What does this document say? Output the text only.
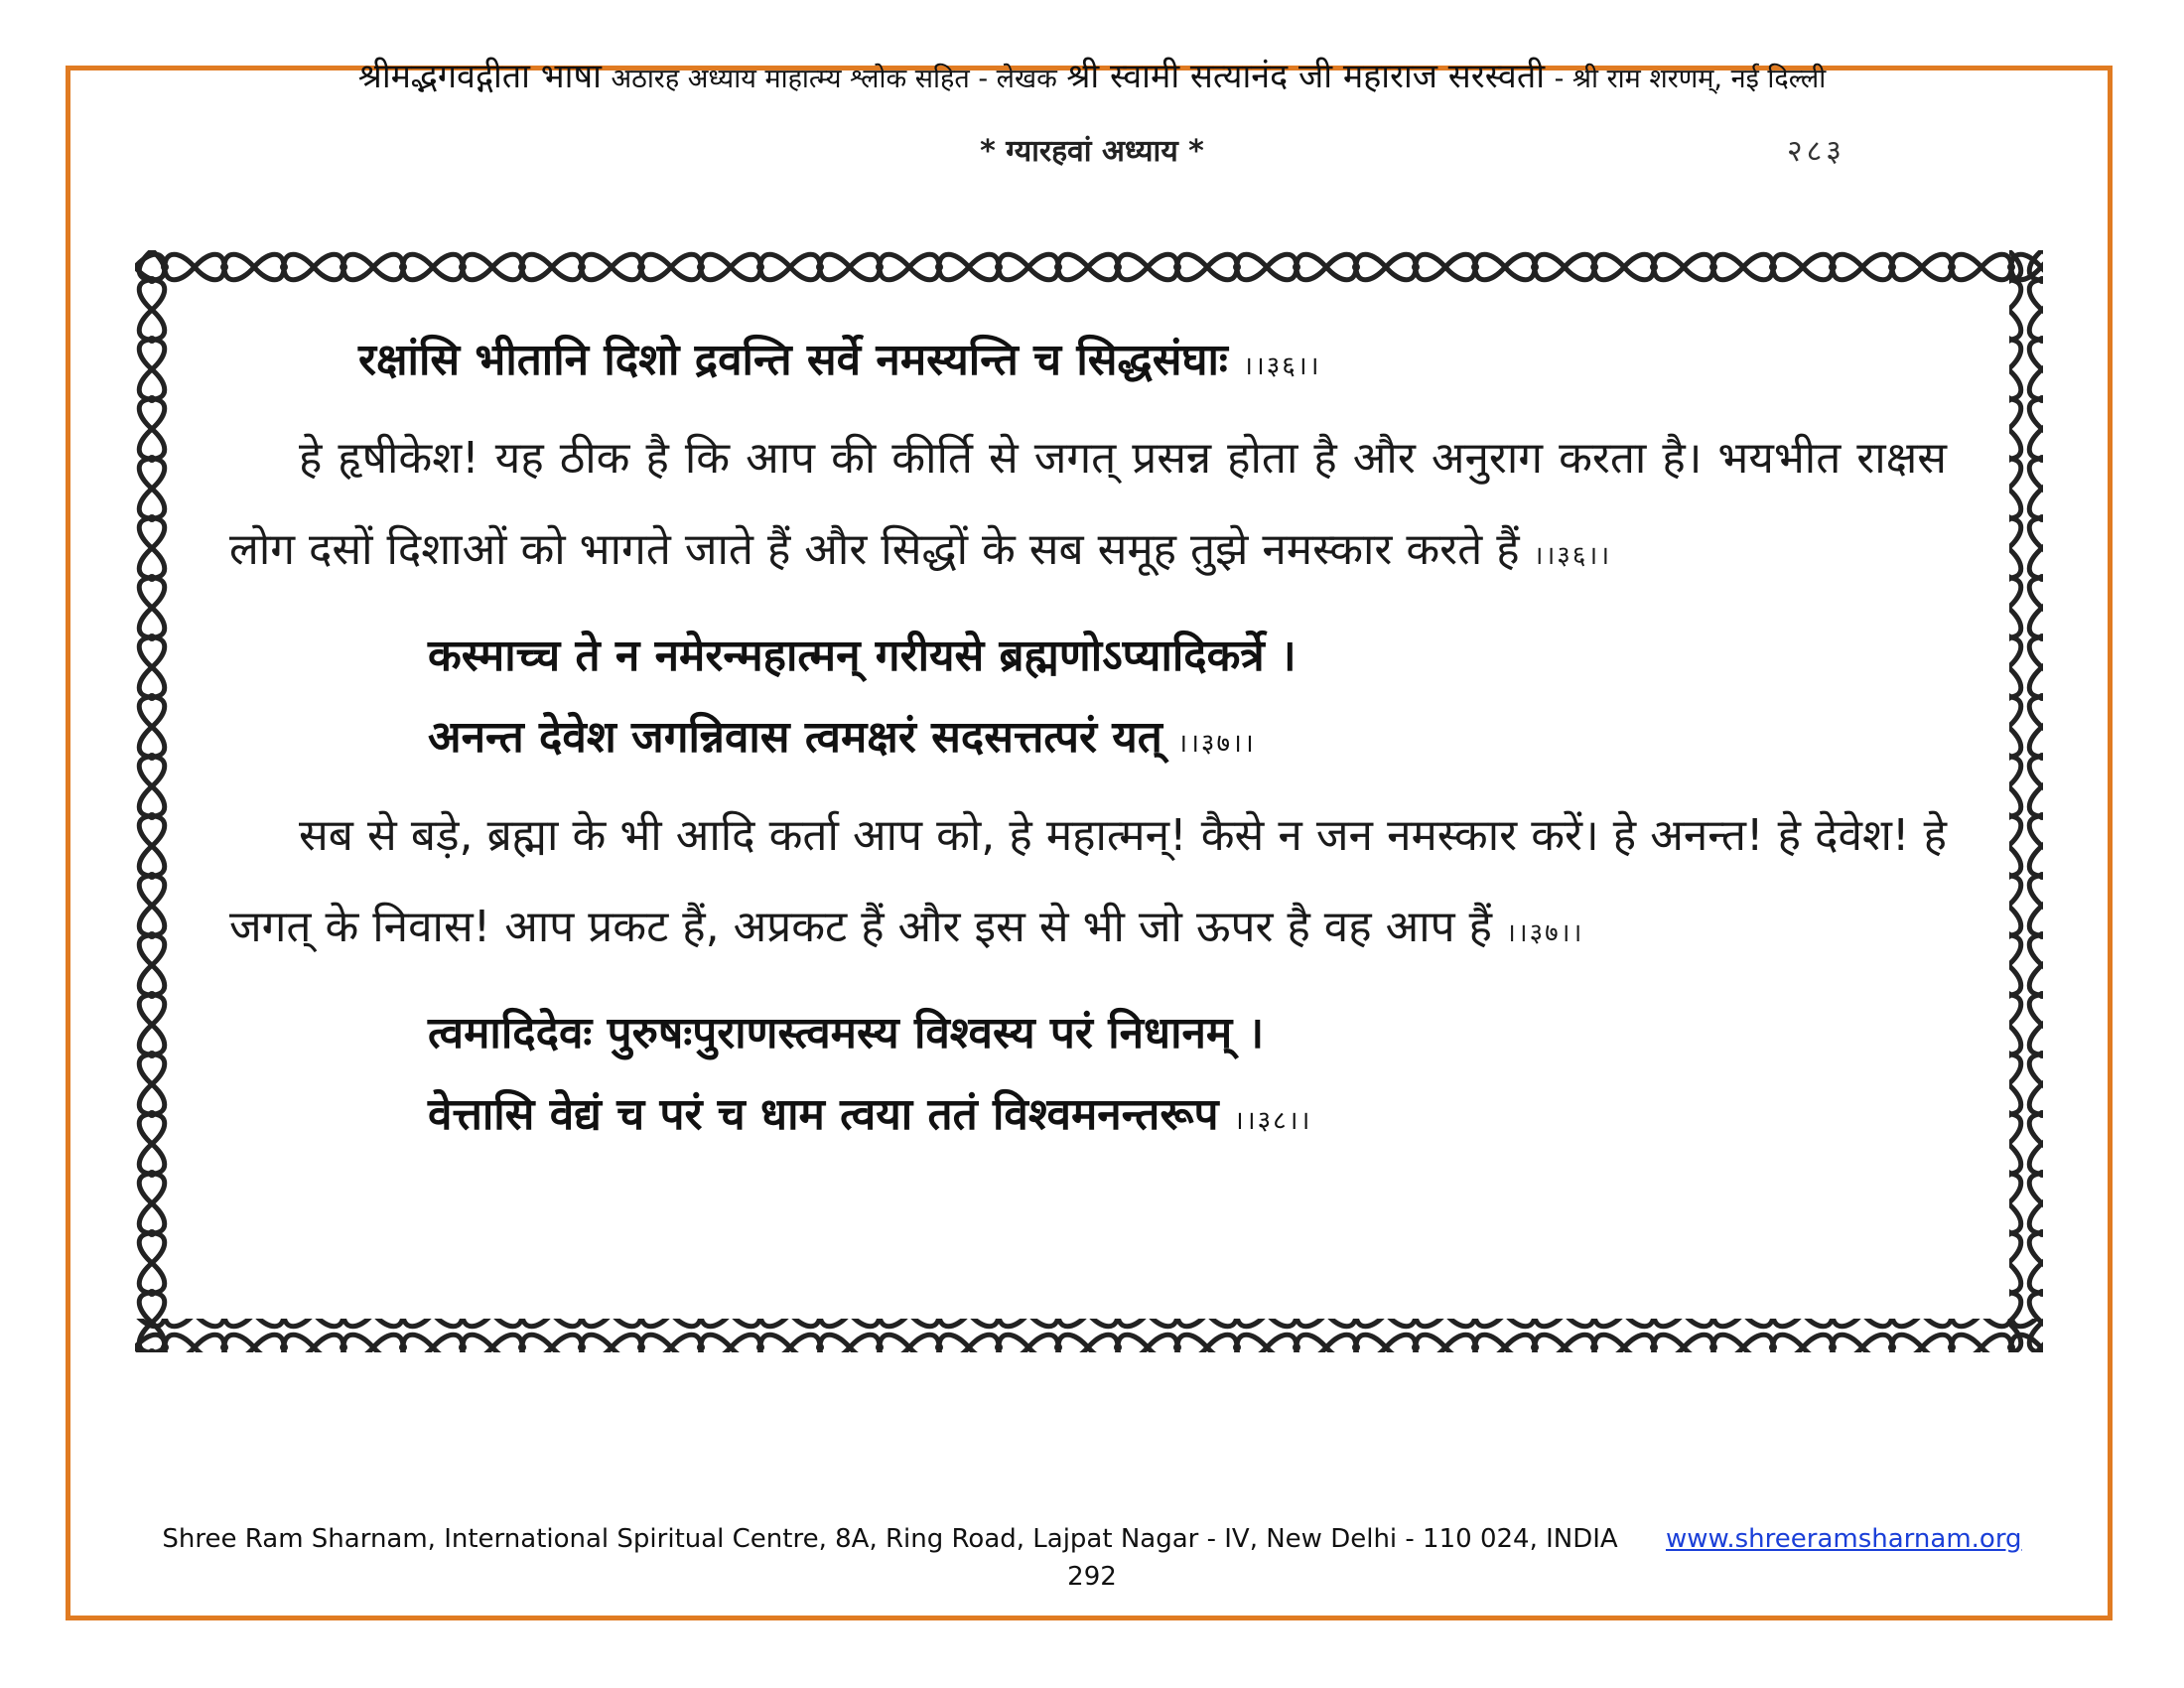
श्रीमद्भगवद्गीता भाषा अठारह अध्याय माहात्म्य श्लोक सहित - लेखक श्री स्वामी सत्यानंद जी महाराज सरस्वती - श्री राम शरणम्, नई दिल्ली
* ग्यारहवां अध्याय *	२८३
रक्षांसि भीतानि दिशो द्रवन्ति सर्वे नमस्यन्ति च सिद्धसंघाः ।।३६।।
हे हृषीकेश! यह ठीक है कि आप की कीर्ति से जगत् प्रसन्न होता है और अनुराग करता है। भयभीत राक्षस लोग दसों दिशाओं को भागते जाते हैं और सिद्धों के सब समूह तुझे नमस्कार करते हैं ।।३६।।
कस्माच्च ते न नमेरन्महात्मन् गरीयसे ब्रह्मणोऽप्यादिकर्त्रे ।
अनन्त देवेश जगन्निवास त्वमक्षरं सदसत्तत्परं यत् ।।३७।।
सब से बड़े, ब्रह्मा के भी आदि कर्ता आप को, हे महात्मन्! कैसे न जन नमस्कार करें। हे अनन्त! हे देवेश! हे जगत् के निवास! आप प्रकट हैं, अप्रकट हैं और इस से भी जो ऊपर है वह आप हैं ।।३७।।
त्वमादिदेवः पुरुषःपुराणस्त्वमस्य विश्वस्य परं निधानम् ।
वेत्तासि वेद्यं च परं च धाम त्वया ततं विश्वमनन्तरूप ।।३८।।
Shree Ram Sharnam, International Spiritual Centre, 8A, Ring Road, Lajpat Nagar - IV, New Delhi - 110 024, INDIA www.shreeramsharnam.org
292
